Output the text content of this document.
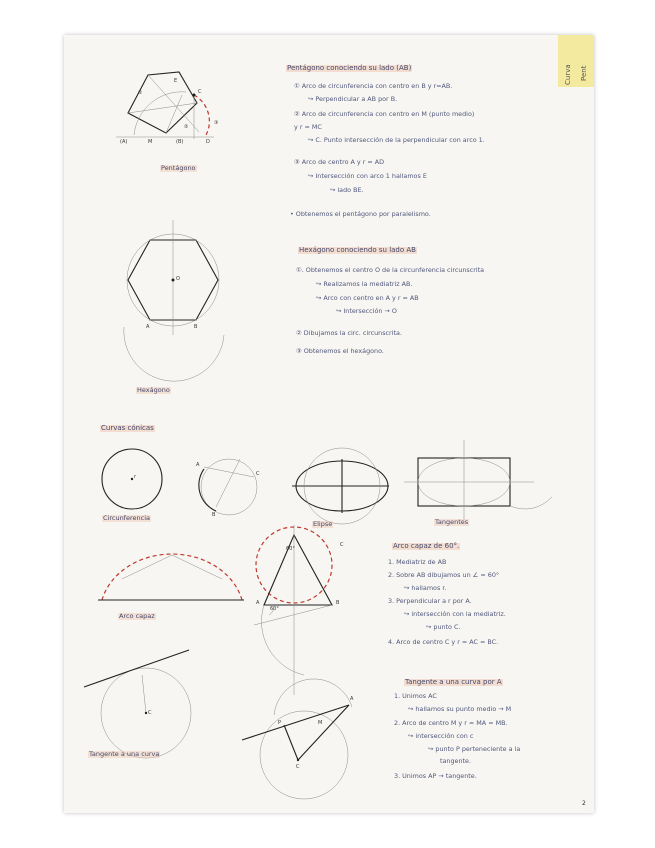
Curva Pent
Pentágono conociendo su lado (AB)
① Arco de circunferencia con centro en B y r=AB.
↪ Perpendicular a AB por B.
② Arco de circunferencia con centro en M (punto medio)
y r = MC
↪ C. Punto intersección de la perpendicular con arco 1.
③ Arco de centro A y r = AD
↪ Intersección con arco 1 hallamos E
↪ lado BE.
• Obtenemos el pentágono por paralelismo.
Pentágono
(A)	M	(B)	D
C
E
①
②
③
Hexágono conociendo su lado AB
①. Obtenemos el centro O de la circunferencia circunscrita
↪ Realizamos la mediatriz AB.
↪ Arco con centro en A y r = AB
↪ Intersección → O
② Dibujamos la circ. circunscrita.
③ Obtenemos el hexágono.
Hexágono
O
A	B
Curvas cónicas
Circunferencia
Elipse	Tangentes
Arco capaz
Tangente a una curva
r
A
B
C
60°
60°
C
A	B
P	M
C
A
C
Arco capaz de 60°.
1. Mediatriz de AB
2. Sobre AB dibujamos un ∠ = 60°
↪ hallamos r.
3. Perpendicular a r por A.
↪ intersección con la mediatriz.
↪ punto C.
4. Arco de centro C y r = AC = BC.
Tangente a una curva por A
1. Unimos AC
↪ hallamos su punto medio → M
2. Arco de centro M y r = MA = MB.
↪ intersección con c
↪ punto P perteneciente a la
tangente.
3. Unimos AP → tangente.
2
